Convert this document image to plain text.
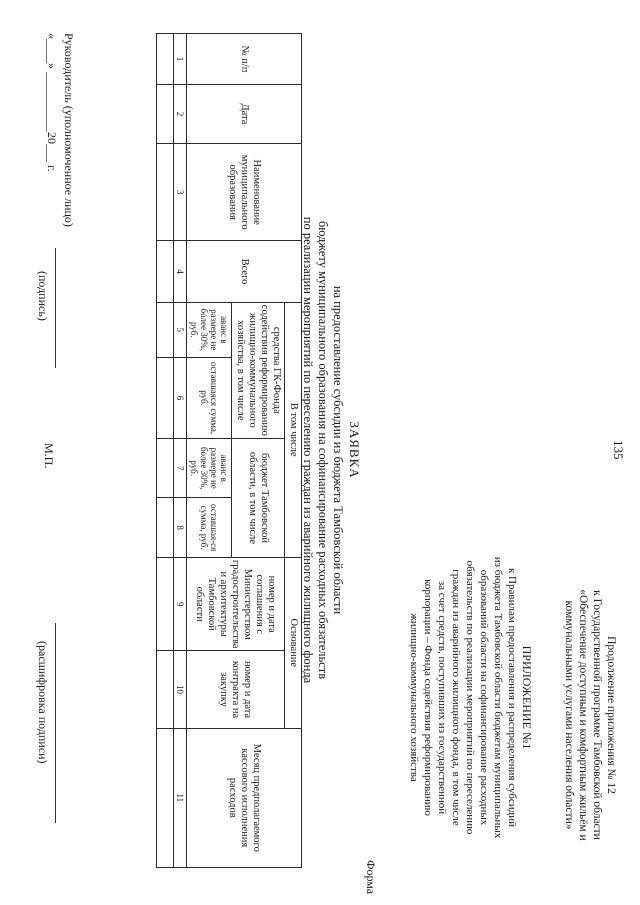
135
Продолжение приложения № 12
к Государственной программе Тамбовской области
«Обеспечение доступным и комфортным жильём и
коммунальными услугами населения области»
ПРИЛОЖЕНИЕ №1
к Правилам предоставления и распределения субсидий
из бюджета Тамбовской области бюджетам муниципальных
образований области на софинансирование расходных
обязательств по реализации мероприятий по переселению
граждан из аварийного жилищного фонда, в том числе
за счет средств, поступивших из государственной
корпорации – Фонда содействия реформированию
жилищно-коммунального хозяйства
Форма
ЗАЯВКА
на предоставление субсидии из бюджета Тамбовской области
бюджету муниципального образования на софинансирование расходных обязательств
по реализации мероприятий по переселению граждан из аварийного жилищного фонда
№ п/п	Дата	Наименование муниципального образования	Всего	В том числе				Основание		Месяц предполагаемого кассового исполнения расходов
				средства ГК-Фонда содействия реформированию жилищно-коммунального хозяйства, в том числе		бюджет Тамбовской области, в том числе		номер и дата соглашения с Министерством градостроительства и архитектуры Тамбовской области	номер и дата контракта на закупку	
				аванс в размере не более 30%, руб.	оставшаяся сумма, руб.	аванс в размере не более 30%, руб.	оставшая-ся сумма, руб.			
1	2	3	4	5	6	7	8	9	10	11

Руководитель (уполномоченное лицо)
«____» __________20___ г.
(подпись)
М.П.
(расшифровка подписи)
